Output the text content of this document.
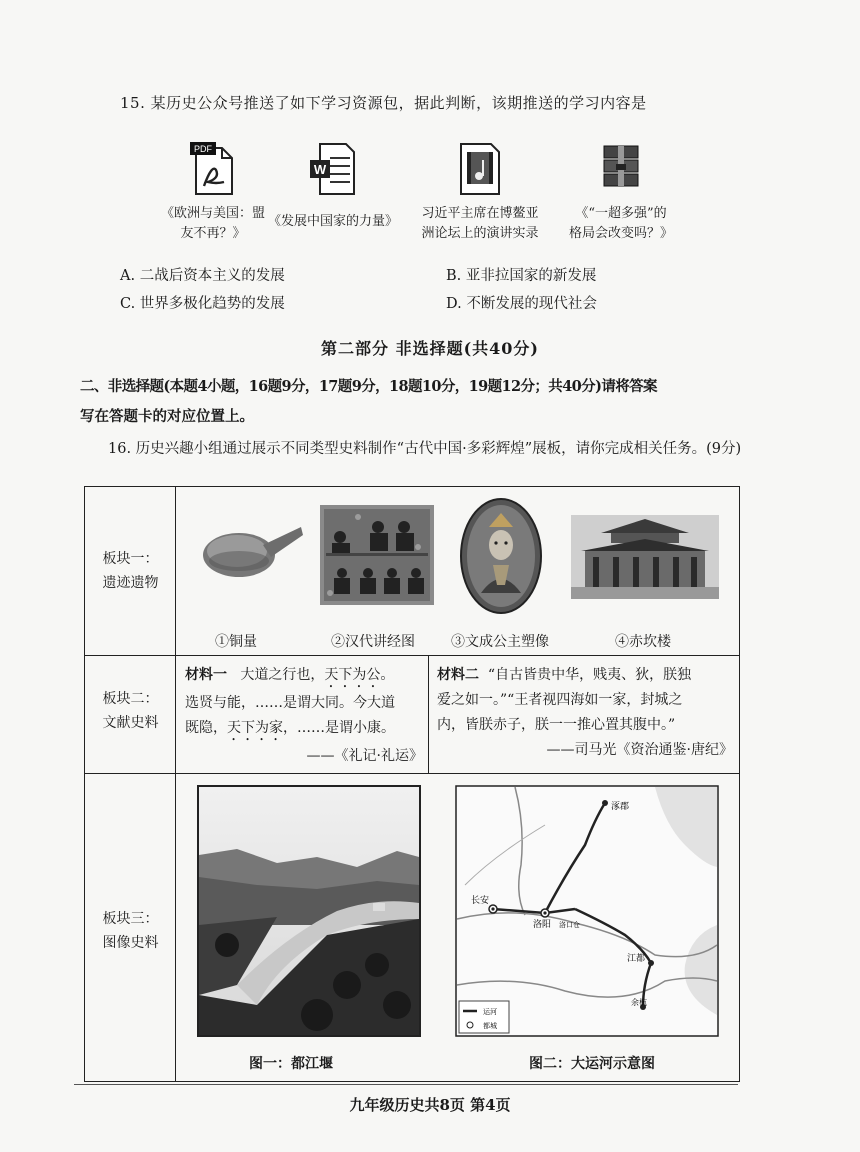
15. 某历史公众号推送了如下学习资源包，据此判断，该期推送的学习内容是
PDF
《欧洲与美国：盟
友不再？》
W
《发展中国家的力量》
习近平主席在博鳌亚
洲论坛上的演讲实录
《“一超多强”的
格局会改变吗？》
A. 二战后资本主义的发展	B. 亚非拉国家的新发展
C. 世界多极化趋势的发展	D. 不断发展的现代社会
第二部分 非选择题(共40分)
二、非选择题(本题4小题，16题9分，17题9分，18题10分，19题12分；共40分)请将答案
写在答题卡的对应位置上。
16. 历史兴趣小组通过展示不同类型史料制作“古代中国·多彩辉煌”展板，请你完成相关任务。(9分)
板块一：
遗迹遗物
①铜量	②汉代讲经图	③文成公主塑像	④赤坎楼
板块二：
文献史料
材料一 大道之行也，天下为公。
选贤与能，……是谓大同。今大道
既隐，天下为家，……是谓小康。
——《礼记·礼运》
材料二 “自古皆贵中华，贱夷、狄，朕独
爱之如一。”“王者视四海如一家，封城之
内，皆朕赤子，朕一一推心置其腹中。”
——司马光《资治通鉴·唐纪》
板块三：
图像史料
涿郡
长安
洛阳 洛口仓
江都
余杭
运河
都城
图一：都江堰	图二：大运河示意图
九年级历史共8页 第4页
